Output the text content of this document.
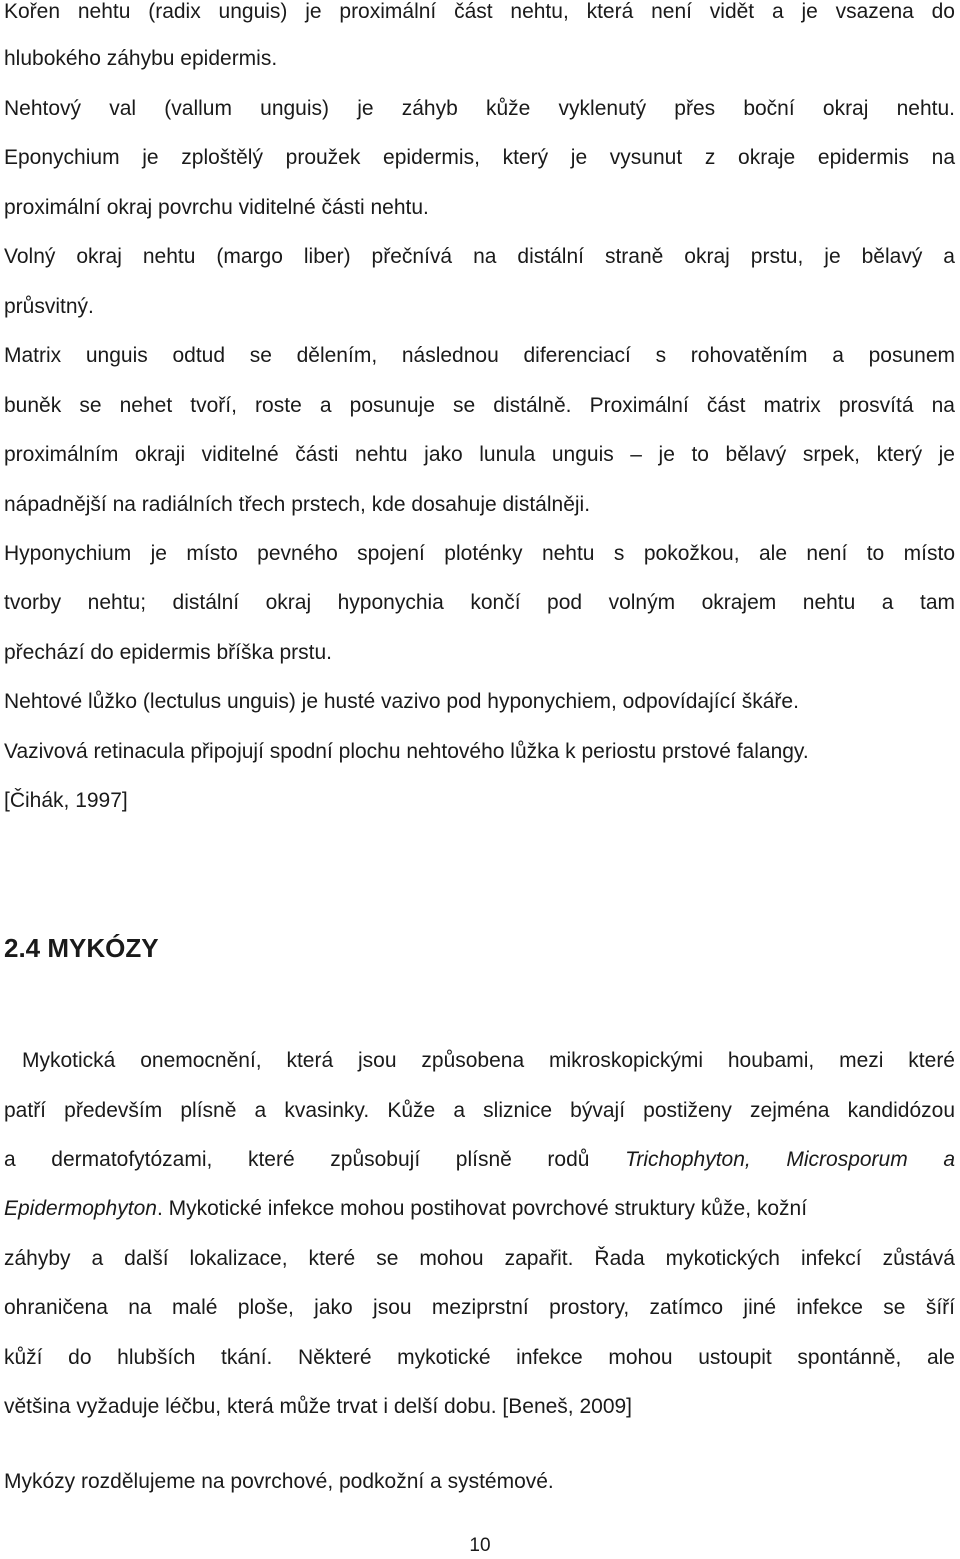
Kořen nehtu (radix unguis) je proximální část nehtu, která není vidět a je vsazena do
hlubokého záhybu epidermis.
Nehtový val (vallum unguis) je záhyb kůže vyklenutý přes boční okraj nehtu.
Eponychium je zploštělý proužek epidermis, který je vysunut z okraje epidermis na
proximální okraj povrchu viditelné části nehtu.
Volný okraj nehtu (margo liber) přečnívá na distální straně okraj prstu, je bělavý a
průsvitný.
Matrix unguis odtud se dělením, následnou diferenciací s rohovatěním a posunem
buněk se nehet tvoří, roste a posunuje se distálně. Proximální část matrix prosvítá na
proximálním okraji viditelné části nehtu jako lunula unguis – je to bělavý srpek, který je
nápadnější na radiálních třech prstech, kde dosahuje distálněji.
Hyponychium je místo pevného spojení ploténky nehtu s pokožkou, ale není to místo
tvorby nehtu; distální okraj hyponychia končí pod volným okrajem nehtu a tam
přechází do epidermis bříška prstu.
Nehtové lůžko (lectulus unguis) je husté vazivo pod hyponychiem, odpovídající škáře.
Vazivová retinacula připojují spodní plochu nehtového lůžka k periostu prstové falangy.
[Čihák, 1997]
2.4 MYKÓZY
Mykotická onemocnění, která jsou způsobena mikroskopickými houbami, mezi které
patří především plísně a kvasinky. Kůže a sliznice bývají postiženy zejména kandidózou
a dermatofytózami, které způsobují plísně rodů Trichophyton, Microsporum a
Epidermophyton. Mykotické infekce mohou postihovat povrchové struktury kůže, kožní
záhyby a další lokalizace, které se mohou zapařit. Řada mykotických infekcí zůstává
ohraničena na malé ploše, jako jsou meziprstní prostory, zatímco jiné infekce se šíří
kůží do hlubších tkání. Některé mykotické infekce mohou ustoupit spontánně, ale
většina vyžaduje léčbu, která může trvat i delší dobu. [Beneš, 2009]
Mykózy rozdělujeme na povrchové, podkožní a systémové.
10
